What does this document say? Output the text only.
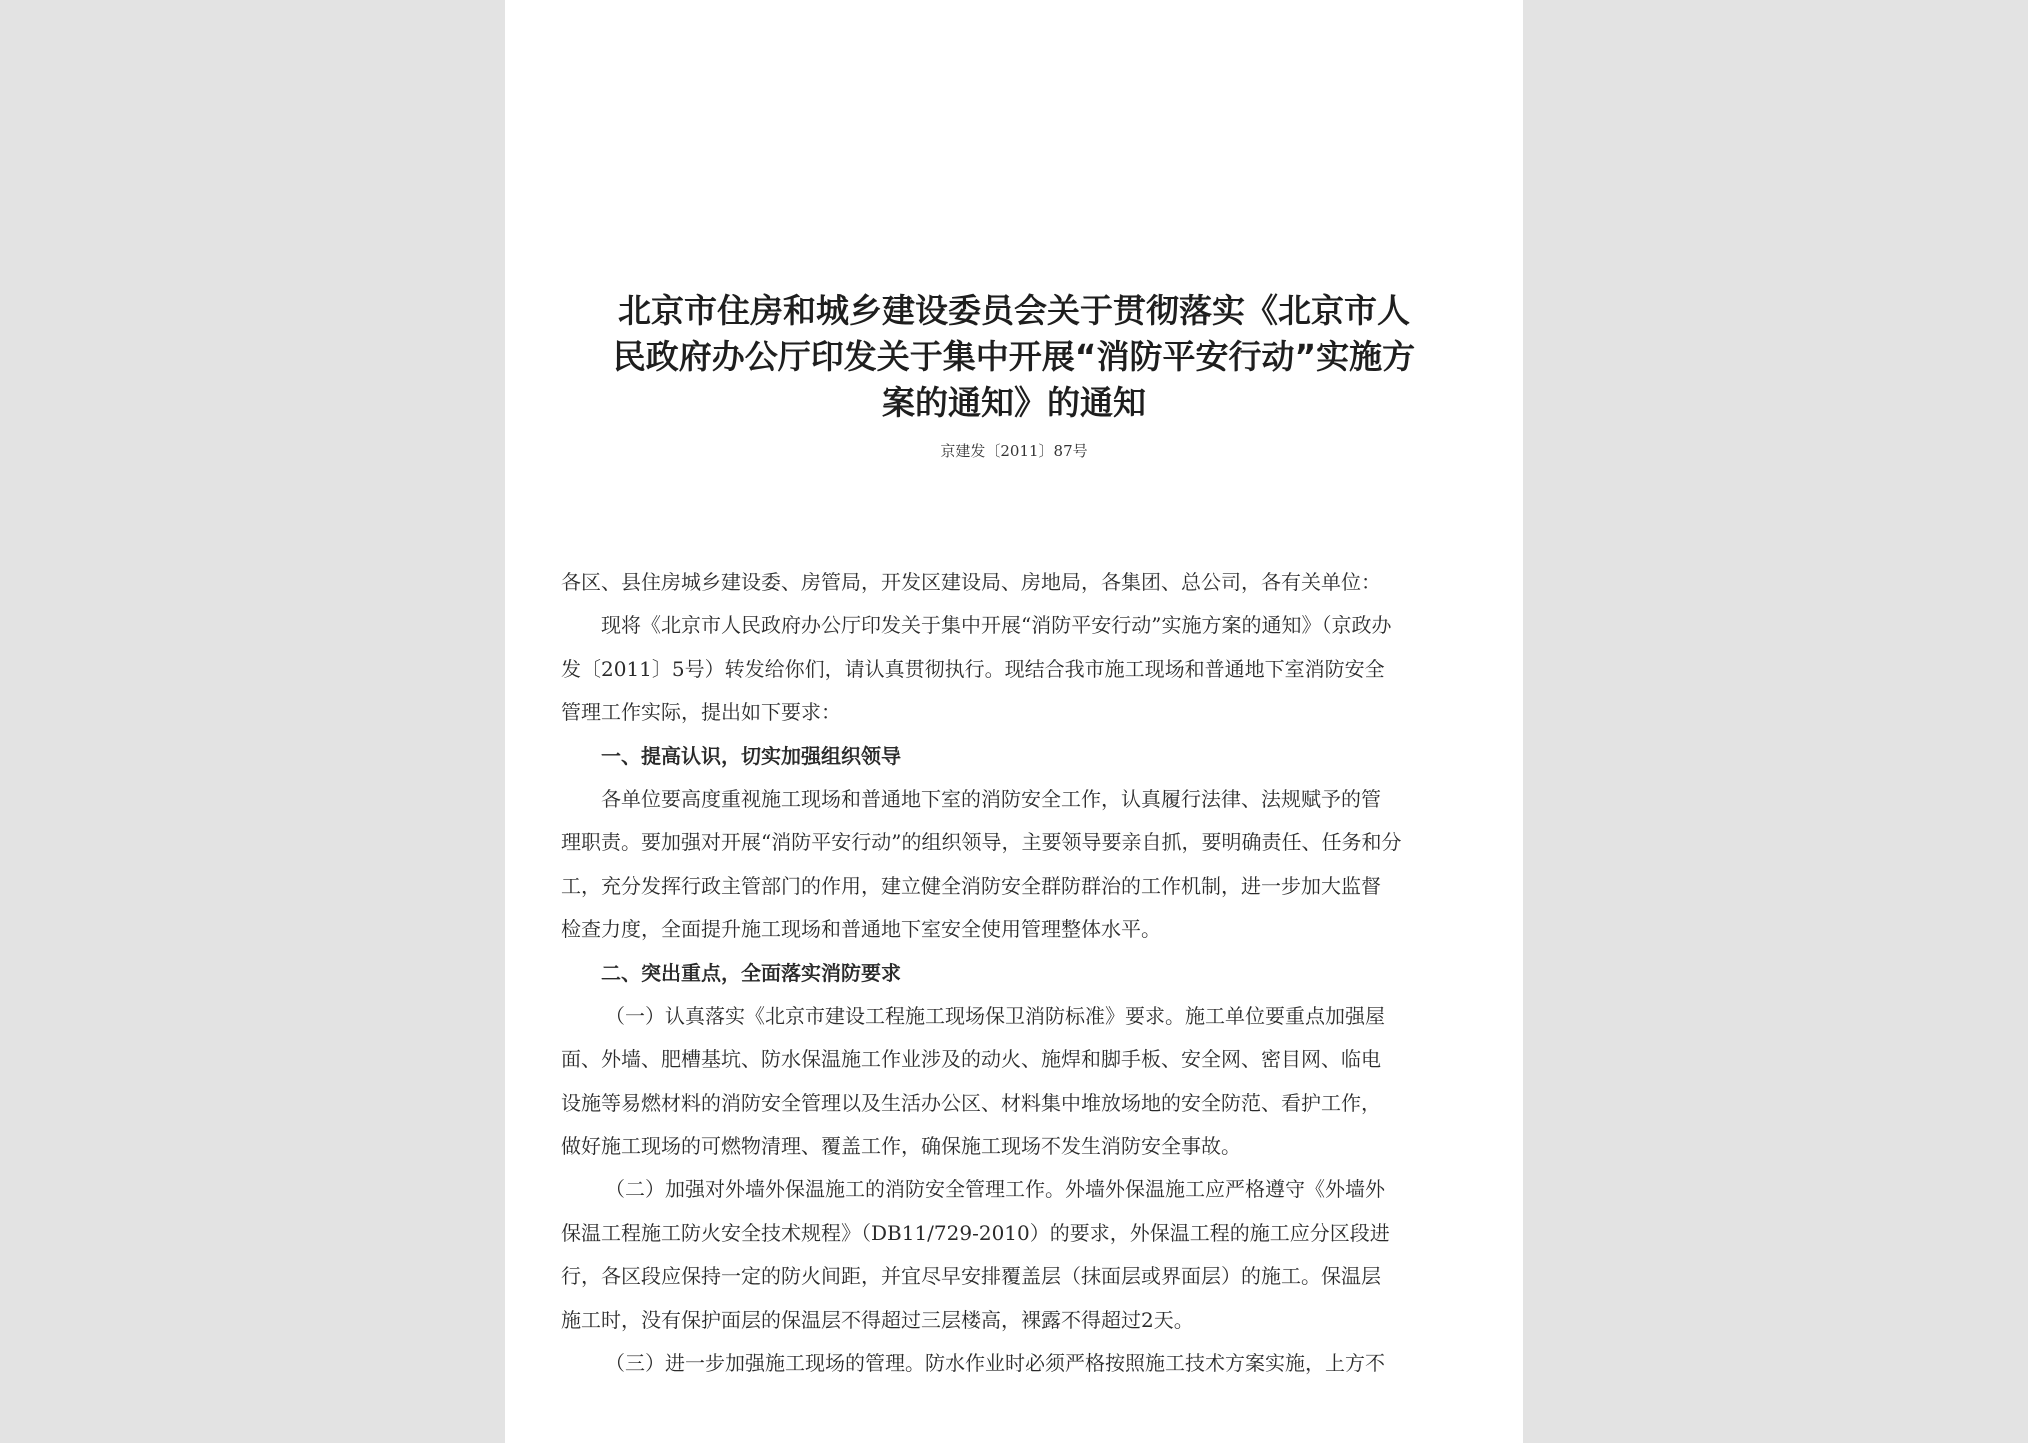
北京市住房和城乡建设委员会关于贯彻落实《北京市人
民政府办公厅印发关于集中开展“消防平安行动”实施方
案的通知》的通知
京建发〔2011〕87号
各区、县住房城乡建设委、房管局，开发区建设局、房地局，各集团、总公司，各有关单位：
现将《北京市人民政府办公厅印发关于集中开展“消防平安行动”实施方案的通知》（京政办
发〔2011〕5号）转发给你们，请认真贯彻执行。现结合我市施工现场和普通地下室消防安全
管理工作实际，提出如下要求：
一、提高认识，切实加强组织领导
各单位要高度重视施工现场和普通地下室的消防安全工作，认真履行法律、法规赋予的管
理职责。要加强对开展“消防平安行动”的组织领导，主要领导要亲自抓，要明确责任、任务和分
工，充分发挥行政主管部门的作用，建立健全消防安全群防群治的工作机制，进一步加大监督
检查力度，全面提升施工现场和普通地下室安全使用管理整体水平。
二、突出重点，全面落实消防要求
（一）认真落实《北京市建设工程施工现场保卫消防标准》要求。施工单位要重点加强屋
面、外墙、肥槽基坑、防水保温施工作业涉及的动火、施焊和脚手板、安全网、密目网、临电
设施等易燃材料的消防安全管理以及生活办公区、材料集中堆放场地的安全防范、看护工作，
做好施工现场的可燃物清理、覆盖工作，确保施工现场不发生消防安全事故。
（二）加强对外墙外保温施工的消防安全管理工作。外墙外保温施工应严格遵守《外墙外
保温工程施工防火安全技术规程》（DB11/729-2010）的要求，外保温工程的施工应分区段进
行，各区段应保持一定的防火间距，并宜尽早安排覆盖层（抹面层或界面层）的施工。保温层
施工时，没有保护面层的保温层不得超过三层楼高，裸露不得超过2天。
（三）进一步加强施工现场的管理。防水作业时必须严格按照施工技术方案实施，上方不
